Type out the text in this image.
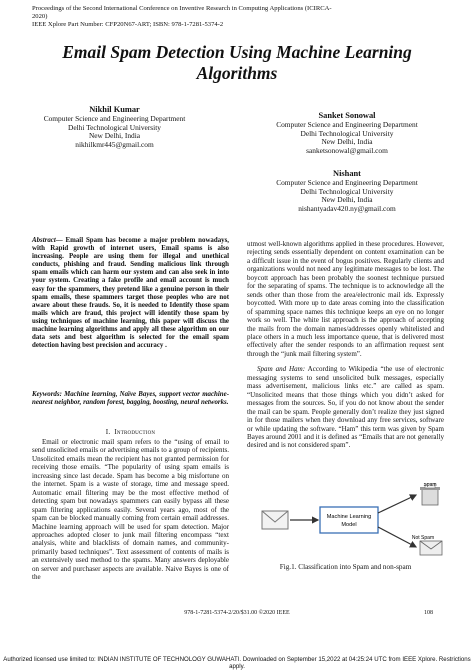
Proceedings of the Second International Conference on Inventive Research in Computing Applications (ICIRCA-2020)
IEEE Xplore Part Number: CFP20N67-ART; ISBN: 978-1-7281-5374-2
Email Spam Detection Using Machine Learning
Algorithms
Nikhil Kumar
Computer Science and Engineering Department
Delhi Technological University
New Delhi, India
nikhilkmr445@gmail.com
Sanket Sonowal
Computer Science and Engineering Department
Delhi Technological University
New Delhi, India
sanketsonowal@gmail.com
Nishant
Computer Science and Engineering Department
Delhi Technological University
New Delhi, India
nishantyadav420.ny@gmail.com
Abstract— Email Spam has become a major problem nowadays, with Rapid growth of internet users, Email spams is also increasing. People are using them for illegal and unethical conducts, phishing and fraud. Sending malicious link through spam emails which can harm our system and can also seek in into your system. Creating a fake profile and email account is much easy for the spammers, they pretend like a genuine person in their spam emails, these spammers target those peoples who are not aware about these frauds. So, it is needed to Identify those spam mails which are fraud, this project will identify those spam by using techniques of machine learning, this paper will discuss the machine learning algorithms and apply all these algorithm on our data sets and best algorithm is selected for the email spam detection having best precision and accuracy .
Keywords: Machine learning, Naïve Bayes, support vector machine-nearest neighbor, random forest, bagging, boosting, neural networks.
I. Introduction

Email or electronic mail spam refers to the “using of email to send unsolicited emails or advertising emails to a group of recipients. Unsolicited emails mean the recipient has not granted permission for receiving those emails. “The popularity of using spam emails is increasing since last decade. Spam has become a big misfortune on the internet. Spam is a waste of storage, time and message speed. Automatic email filtering may be the most effective method of detecting spam but nowadays spammers can easily bypass all these spam filtering applications easily. Several years ago, most of the spam can be blocked manually coming from certain email addresses. Machine learning approach will be used for spam detection. Major approaches adopted closer to junk mail filtering encompass “text analysis, white and blacklists of domain names, and community-primarily based techniques”. Text assessment of contents of mails is an extensively used method to the spams. Many answers deployable on server and purchaser aspects are available. Naive Bayes is one of the

utmost well-known algorithms applied in these procedures. However, rejecting sends essentially dependent on content examination can be a difficult issue in the event of bogus positives. Regularly clients and organizations would not need any legitimate messages to be lost. The boycott approach has been probably the soonest technique pursued for the separating of spams. The technique is to acknowledge all the sends other than those from the area/electronic mail ids. Expressly boycotted. With more up to date areas coming into the classification of spamming space names this technique keeps an eye on no longer work so well. The white list approach is the approach of accepting the mails from the domain names/addresses openly whitelisted and place others in a much less importance queue, that is delivered most effectively after the sender responds to an affirmation request sent through the “junk mail filtering system”.

Spam and Ham: According to Wikipedia “the use of electronic messaging systems to send unsolicited bulk messages, especially mass advertisement, malicious links etc.” are called as spam. “Unsolicited means that those things which you didn’t asked for messages from the sources. So, if you do not know about the sender the mail can be spam. People generally don’t realize they just signed in for those mailers when they download any free services, software or while updating the software. “Ham” this term was given by Spam Bayes around 2001 and it is defined as “Emails that are not generally desired and is not considered spam”.

Machine Learning
Model
Spam
Not Spam
Fig.1. Classification into Spam and non-spam
978-1-7281-5374-2/20/$31.00 ©2020 IEEE	108
Authorized licensed use limited to: INDIAN INSTITUTE OF TECHNOLOGY GUWAHATI. Downloaded on September 15,2022 at 04:25:24 UTC from IEEE Xplore. Restrictions apply.
